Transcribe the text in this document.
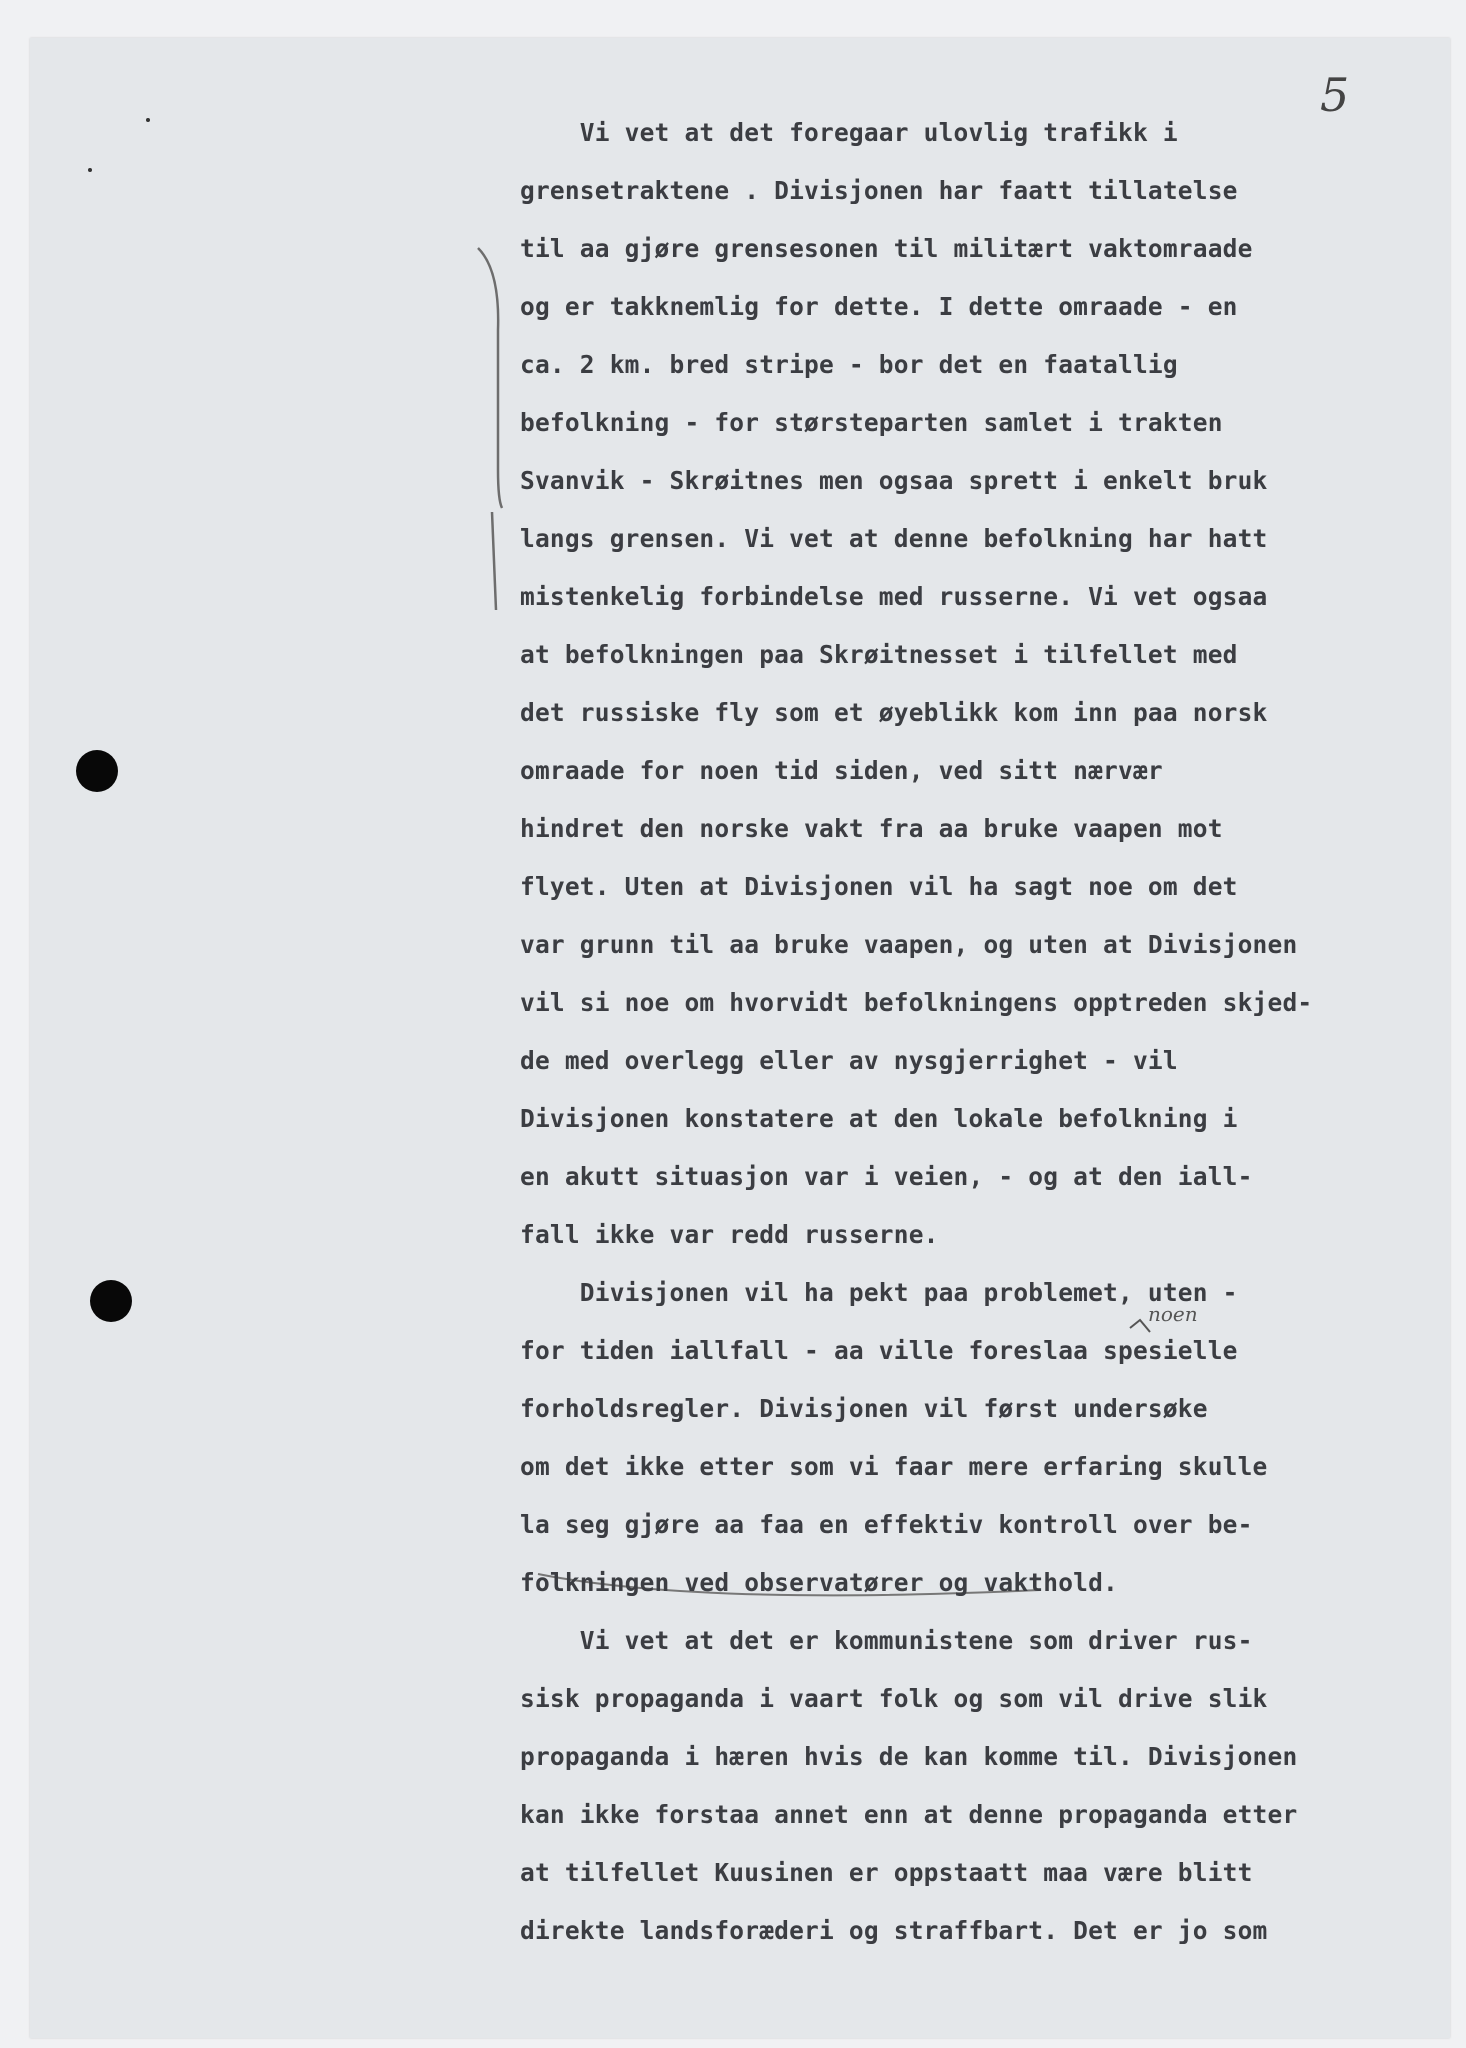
5
noen
Vi vet at det foregaar ulovlig trafikk i
grensetraktene . Divisjonen har faatt tillatelse
til aa gjøre grensesonen til militært vaktomraade
og er takknemlig for dette. I dette omraade - en
ca. 2 km. bred stripe - bor det en faatallig
befolkning - for størsteparten samlet i trakten
Svanvik - Skrøitnes men ogsaa sprett i enkelt bruk
langs grensen. Vi vet at denne befolkning har hatt
mistenkelig forbindelse med russerne. Vi vet ogsaa
at befolkningen paa Skrøitnesset i tilfellet med
det russiske fly som et øyeblikk kom inn paa norsk
omraade for noen tid siden, ved sitt nærvær
hindret den norske vakt fra aa bruke vaapen mot
flyet. Uten at Divisjonen vil ha sagt noe om det
var grunn til aa bruke vaapen, og uten at Divisjonen
vil si noe om hvorvidt befolkningens opptreden skjed-
de med overlegg eller av nysgjerrighet - vil
Divisjonen konstatere at den lokale befolkning i
en akutt situasjon var i veien, - og at den iall-
fall ikke var redd russerne.
Divisjonen vil ha pekt paa problemet, uten -
for tiden iallfall - aa ville foreslaa spesielle
forholdsregler. Divisjonen vil først undersøke
om det ikke etter som vi faar mere erfaring skulle
la seg gjøre aa faa en effektiv kontroll over be-
folkningen ved observatører og vakthold.
Vi vet at det er kommunistene som driver rus-
sisk propaganda i vaart folk og som vil drive slik
propaganda i hæren hvis de kan komme til. Divisjonen
kan ikke forstaa annet enn at denne propaganda etter
at tilfellet Kuusinen er oppstaatt maa være blitt
direkte landsforæderi og straffbart. Det er jo som
